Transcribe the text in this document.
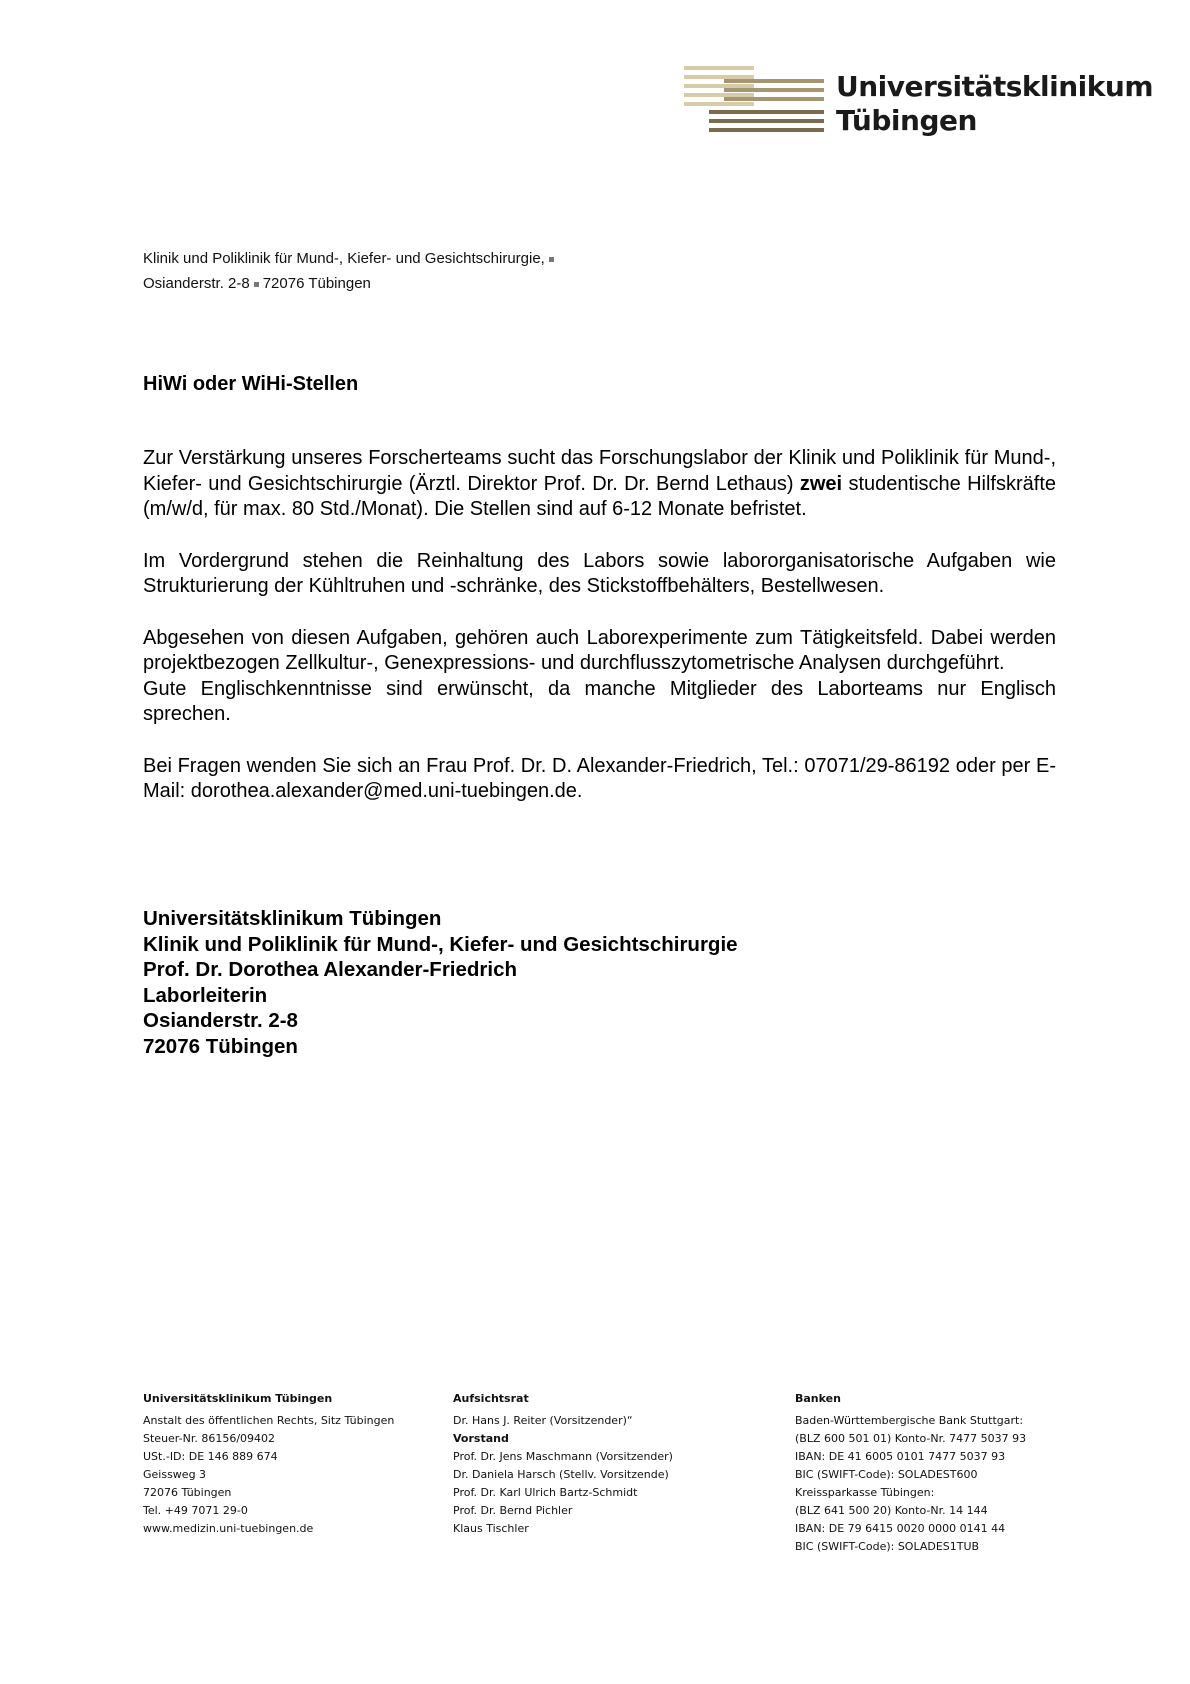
Universitätsklinikum
Tübingen
Klinik und Poliklinik für Mund-, Kiefer- und Gesichtschirurgie,
Osianderstr. 2-8 72076 Tübingen
HiWi oder WiHi-Stellen

Zur Verstärkung unseres Forscherteams sucht das Forschungslabor der Klinik und Poliklinik für Mund-, Kiefer- und Gesichtschirurgie (Ärztl. Direktor Prof. Dr. Dr. Bernd Lethaus) zwei studentische Hilfskräfte (m/w/d, für max. 80 Std./Monat). Die Stellen sind auf 6-12 Monate befristet.

Im Vordergrund stehen die Reinhaltung des Labors sowie labororganisatorische Aufgaben wie Strukturierung der Kühltruhen und -schränke, des Stickstoffbehälters, Bestellwesen.

Abgesehen von diesen Aufgaben, gehören auch Laborexperimente zum Tätigkeitsfeld. Dabei werden projektbezogen Zellkultur-, Genexpressions- und durchflusszytometrische Analysen durchgeführt.

Gute Englischkenntnisse sind erwünscht, da manche Mitglieder des Laborteams nur Englisch sprechen.

Bei Fragen wenden Sie sich an Frau Prof. Dr. D. Alexander-Friedrich, Tel.: 07071/29-86192 oder per E-Mail: dorothea.alexander@med.uni-tuebingen.de.

Universitätsklinikum Tübingen
Klinik und Poliklinik für Mund-, Kiefer- und Gesichtschirurgie
Prof. Dr. Dorothea Alexander-Friedrich
Laborleiterin
Osianderstr. 2-8
72076 Tübingen
Universitätsklinikum Tübingen
Anstalt des öffentlichen Rechts, Sitz Tübingen
Steuer-Nr. 86156/09402
USt.-ID: DE 146 889 674
Geissweg 3
72076 Tübingen
Tel. +49 7071 29-0
www.medizin.uni-tuebingen.de
Aufsichtsrat
Dr. Hans J. Reiter (Vorsitzender)“
Vorstand
Prof. Dr. Jens Maschmann (Vorsitzender)
Dr. Daniela Harsch (Stellv. Vorsitzende)
Prof. Dr. Karl Ulrich Bartz-Schmidt
Prof. Dr. Bernd Pichler
Klaus Tischler
Banken
Baden-Württembergische Bank Stuttgart:
(BLZ 600 501 01) Konto-Nr. 7477 5037 93
IBAN: DE 41 6005 0101 7477 5037 93
BIC (SWIFT-Code): SOLADEST600
Kreissparkasse Tübingen:
(BLZ 641 500 20) Konto-Nr. 14 144
IBAN: DE 79 6415 0020 0000 0141 44
BIC (SWIFT-Code): SOLADES1TUB
